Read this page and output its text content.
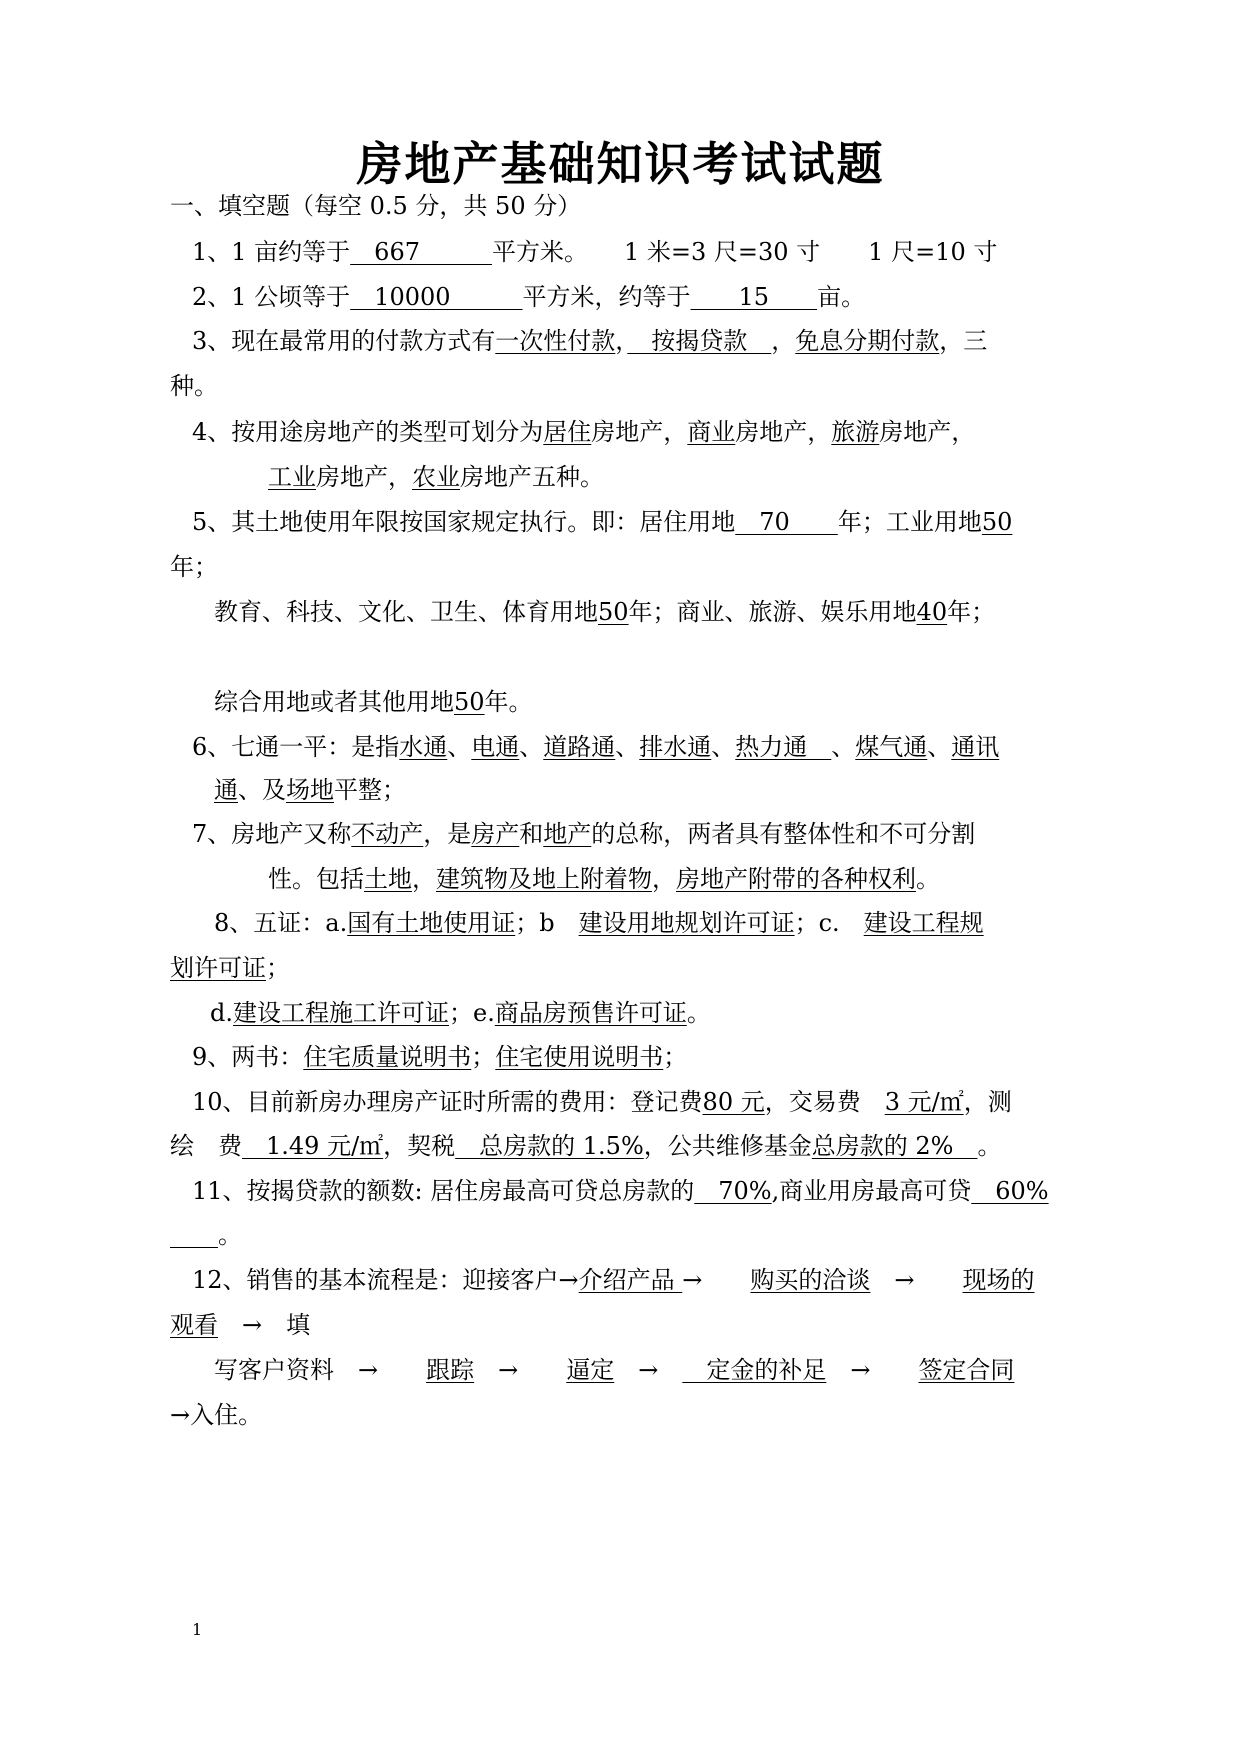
房地产基础知识考试试题
一、填空题（每空 0.5 分，共 50 分）
1、1 亩约等于　667　　　平方米。　　1 米=3 尺=30 寸　　1 尺=10 寸
2、1 公顷等于　10000　　　平方米，约等于　　15　　亩。
3、现在最常用的付款方式有一次性付款，　按揭贷款　，免息分期付款，三
种。
4、按用途房地产的类型可划分为居住房地产，商业房地产，旅游房地产，
工业房地产，农业房地产五种。
5、其土地使用年限按国家规定执行。即：居住用地　70　　年；工业用地50
年；
教育、科技、文化、卫生、体育用地50年；商业、旅游、娱乐用地40年；
综合用地或者其他用地50年。
6、七通一平：是指水通、电通、道路通、排水通、热力通　、煤气通、通讯
通、及场地平整；
7、房地产又称不动产，是房产和地产的总称，两者具有整体性和不可分割
性。包括土地，建筑物及地上附着物，房地产附带的各种权利。
8、五证：a.国有土地使用证；b　建设用地规划许可证；c.　建设工程规
划许可证；
d.建设工程施工许可证；e.商品房预售许可证。
9、两书：住宅质量说明书；住宅使用说明书；
10、目前新房办理房产证时所需的费用：登记费80 元，交易费　3 元/㎡，测
绘　费　1.49 元/㎡，契税　总房款的 1.5%，公共维修基金总房款的 2%　。
11、按揭贷款的额数: 居住房最高可贷总房款的　70%,商业用房最高可贷　60%
　　。
12、销售的基本流程是：迎接客户→介绍产品 →　　购买的洽谈　→　　现场的
观看　→　填
写客户资料　→　　跟踪　→　　逼定　→　　定金的补足　→　　签定合同
→入住。
1
